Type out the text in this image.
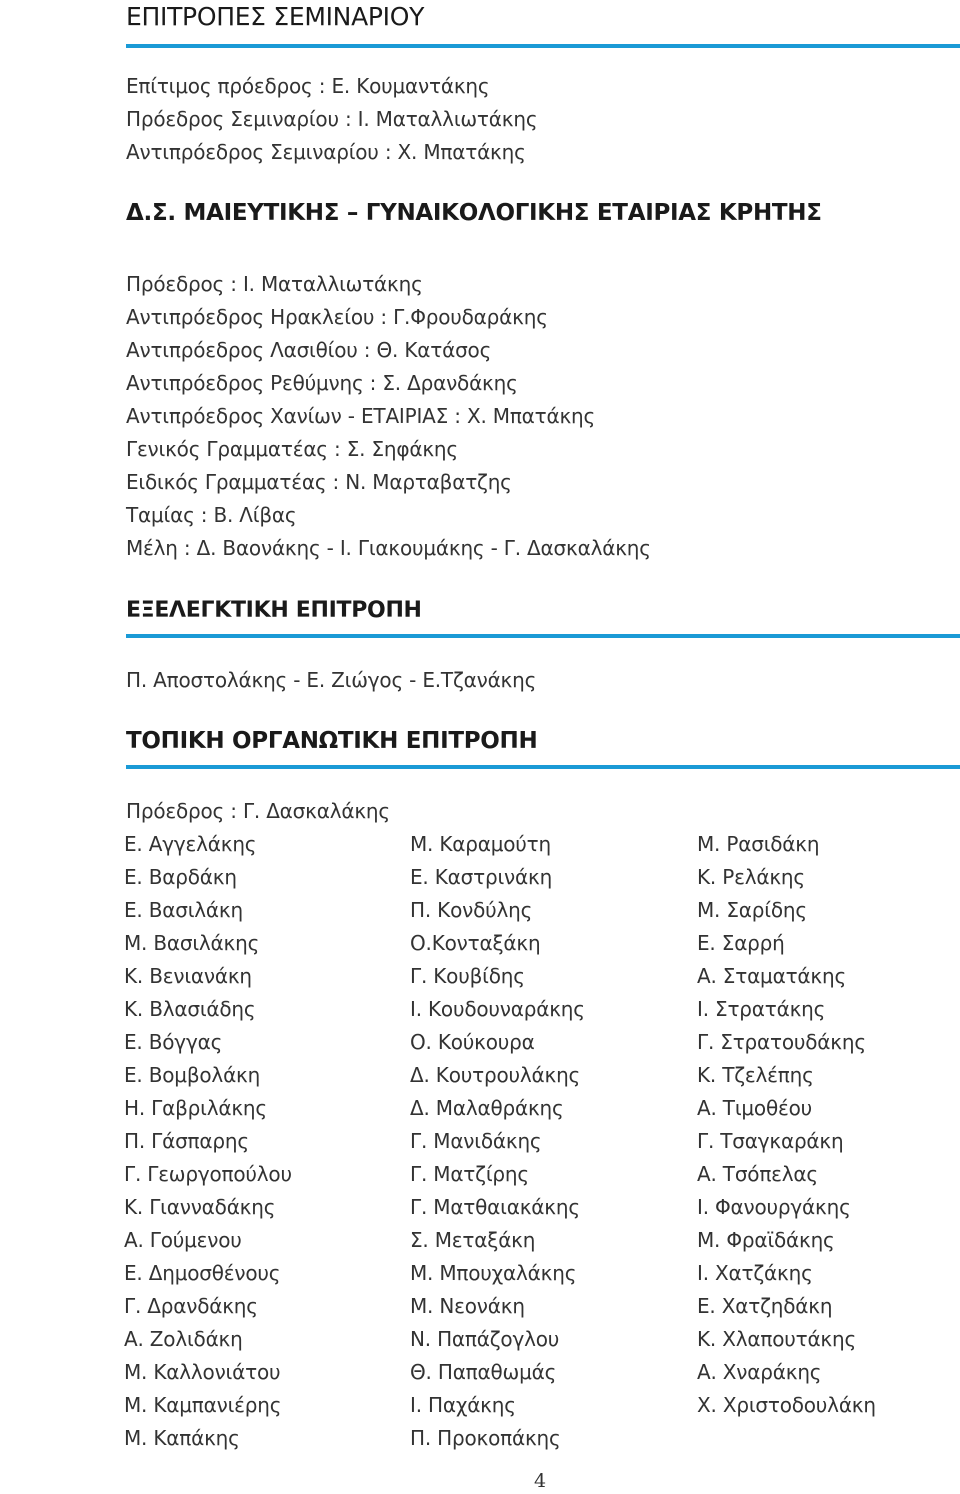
ΕΠΙΤΡΟΠΕΣ ΣΕΜΙΝΑΡΙΟΥ
Επίτιμος πρόεδρος : Ε. Κουμαντάκης
Πρόεδρος Σεμιναρίου : Ι. Ματαλλιωτάκης
Αντιπρόεδρος Σεμιναρίου : Χ. Μπατάκης
Δ.Σ. ΜΑΙΕΥΤΙΚΗΣ – ΓΥΝΑΙΚΟΛΟΓΙΚΗΣ ΕΤΑΙΡΙΑΣ ΚΡΗΤΗΣ
Πρόεδρος : Ι. Ματαλλιωτάκης
Αντιπρόεδρος Ηρακλείου : Γ.Φρουδαράκης
Αντιπρόεδρος Λασιθίου : Θ. Κατάσος
Αντιπρόεδρος Ρεθύμνης : Σ. Δρανδάκης
Αντιπρόεδρος Χανίων - ΕΤΑΙΡΙΑΣ : Χ. Μπατάκης
Γενικός Γραμματέας : Σ. Σηφάκης
Ειδικός Γραμματέας : Ν. Μαρταβατζης
Ταμίας : Β. Λίβας
Μέλη : Δ. Βαονάκης - Ι. Γιακουμάκης - Γ. Δασκαλάκης
ΕΞΕΛΕΓΚΤΙΚΗ ΕΠΙΤΡΟΠΗ
Π. Αποστολάκης - Ε. Ζιώγος - Ε.Τζανάκης
ΤΟΠΙΚΗ ΟΡΓΑΝΩΤΙΚΗ ΕΠΙΤΡΟΠΗ
Πρόεδρος : Γ. Δασκαλάκης
Ε. Αγγελάκης
Ε. Βαρδάκη
Ε. Βασιλάκη
Μ. Βασιλάκης
Κ. Βενιανάκη
Κ. Βλασιάδης
Ε. Βόγγας
Ε. Βομβολάκη
Η. Γαβριλάκης
Π. Γάσπαρης
Γ. Γεωργοπούλου
Κ. Γιανναδάκης
Α. Γούμενου
Ε. Δημοσθένους
Γ. Δρανδάκης
Α. Ζολιδάκη
Μ. Καλλονιάτου
Μ. Καμπανιέρης
Μ. Καπάκης
Μ. Καραμούτη
Ε. Καστρινάκη
Π. Κονδύλης
Ο.Κονταξάκη
Γ. Κουβίδης
Ι. Κουδουναράκης
Ο. Κούκουρα
Δ. Κουτρουλάκης
Δ. Μαλαθράκης
Γ. Μανιδάκης
Γ. Ματζίρης
Γ. Ματθαιακάκης
Σ. Μεταξάκη
Μ. Μπουχαλάκης
Μ. Νεονάκη
Ν. Παπάζογλου
Θ. Παπαθωμάς
Ι. Παχάκης
Π. Προκοπάκης
Μ. Ρασιδάκη
Κ. Ρελάκης
Μ. Σαρίδης
Ε. Σαρρή
Α. Σταματάκης
Ι. Στρατάκης
Γ. Στρατουδάκης
Κ. Τζελέπης
Α. Τιμοθέου
Γ. Τσαγκαράκη
Α. Τσόπελας
Ι. Φανουργάκης
Μ. Φραϊδάκης
Ι. Χατζάκης
Ε. Χατζηδάκη
Κ. Χλαπουτάκης
Α. Χναράκης
Χ. Χριστοδουλάκη
4
